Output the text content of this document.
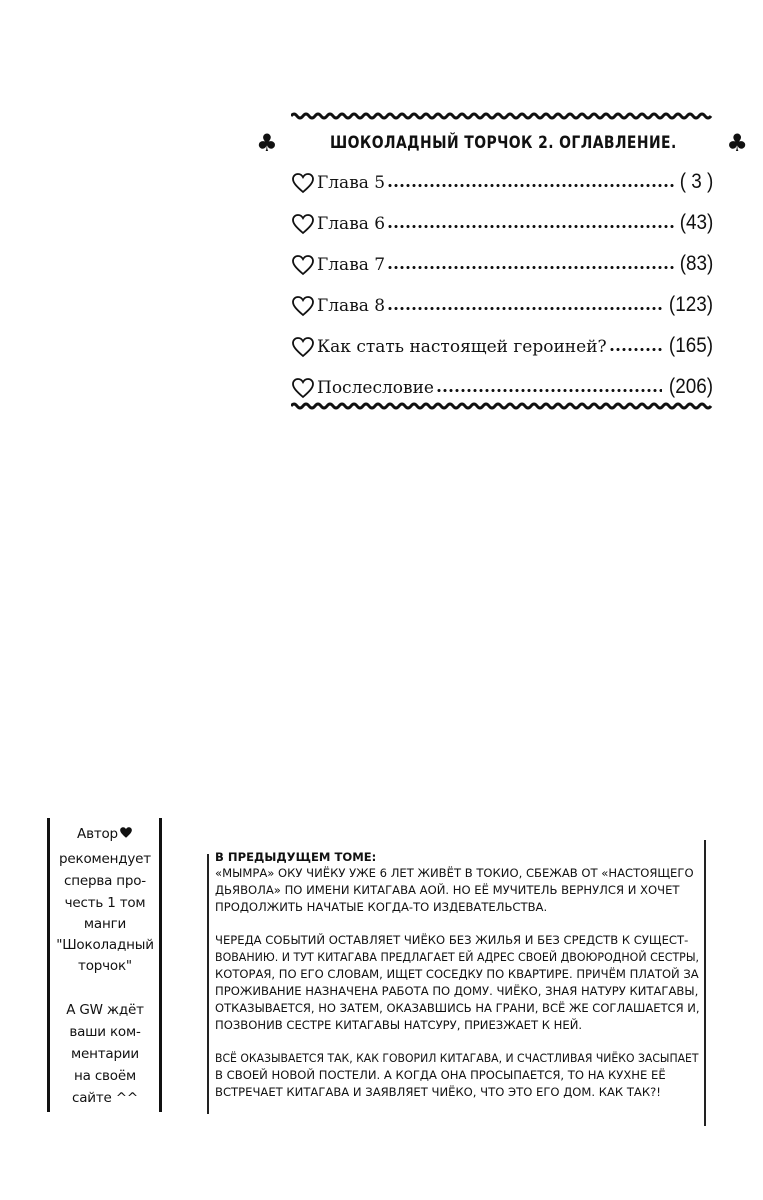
♣	ШОКОЛАДНЫЙ ТОРЧОК 2. ОГЛАВЛЕНИЕ. ♣
Глава 5	( 3 )
Глава 6	(43)
Глава 7	(83)
Глава 8	(123)
Как стать настоящей героиней?	(165)
Послесловие	(206)
Автор
рекомендует
сперва про-
честь 1 том
манги
"Шоколадный
торчок"
А GW ждёт
ваши ком-
ментарии
на своём
сайте ^^
В ПРЕДЫДУЩЕМ ТОМЕ:
«МЫМРА» ОКУ ЧИЁКУ УЖЕ 6 ЛЕТ ЖИВЁТ В ТОКИО, СБЕЖАВ ОТ «НАСТОЯЩЕГО
ДЬЯВОЛА» ПО ИМЕНИ КИТАГАВА АОЙ. НО ЕЁ МУЧИТЕЛЬ ВЕРНУЛСЯ И ХОЧЕТ
ПРОДОЛЖИТЬ НАЧАТЫЕ КОГДА-ТО ИЗДЕВАТЕЛЬСТВА.
ЧЕРЕДА СОБЫТИЙ ОСТАВЛЯЕТ ЧИЁКО БЕЗ ЖИЛЬЯ И БЕЗ СРЕДСТВ К СУЩЕСТ-
ВОВАНИЮ. И ТУТ КИТАГАВА ПРЕДЛАГАЕТ ЕЙ АДРЕС СВОЕЙ ДВОЮРОДНОЙ СЕСТРЫ,
КОТОРАЯ, ПО ЕГО СЛОВАМ, ИЩЕТ СОСЕДКУ ПО КВАРТИРЕ. ПРИЧЁМ ПЛАТОЙ ЗА
ПРОЖИВАНИЕ НАЗНАЧЕНА РАБОТА ПО ДОМУ. ЧИЁКО, ЗНАЯ НАТУРУ КИТАГАВЫ,
ОТКАЗЫВАЕТСЯ, НО ЗАТЕМ, ОКАЗАВШИСЬ НА ГРАНИ, ВСЁ ЖЕ СОГЛАШАЕТСЯ И,
ПОЗВОНИВ СЕСТРЕ КИТАГАВЫ НАТСУРУ, ПРИЕЗЖАЕТ К НЕЙ.
ВСЁ ОКАЗЫВАЕТСЯ ТАК, КАК ГОВОРИЛ КИТАГАВА, И СЧАСТЛИВАЯ ЧИЁКО ЗАСЫПАЕТ
В СВОЕЙ НОВОЙ ПОСТЕЛИ. А КОГДА ОНА ПРОСЫПАЕТСЯ, ТО НА КУХНЕ ЕЁ
ВСТРЕЧАЕТ КИТАГАВА И ЗАЯВЛЯЕТ ЧИЁКО, ЧТО ЭТО ЕГО ДОМ. КАК ТАК?!
